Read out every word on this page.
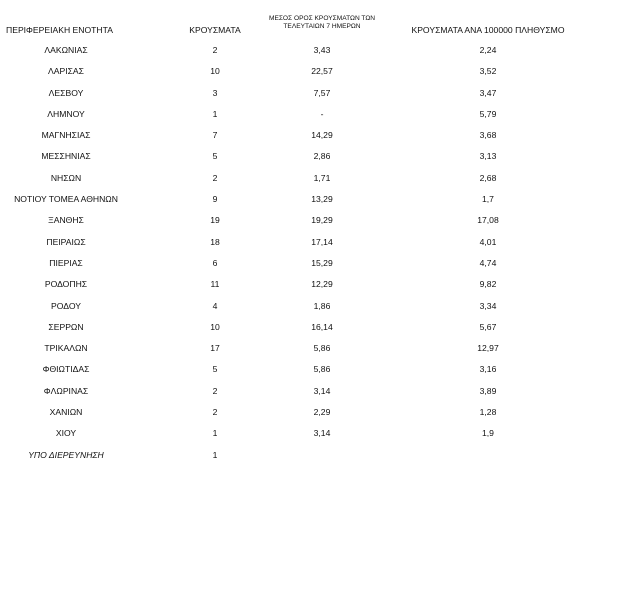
ΠΕΡΙΦΕΡΕΙΑΚΗ ΕΝΟΤΗΤΑ	ΚΡΟΥΣΜΑΤΑ
ΜΕΣΟΣ ΟΡΟΣ ΚΡΟΥΣΜΑΤΩΝ ΤΩΝ
ΤΕΛΕΥΤΑΙΩΝ 7 ΗΜΕΡΩΝ	ΚΡΟΥΣΜΑΤΑ ΑΝΑ 100000 ΠΛΗΘΥΣΜΟ
ΛΑΚΩΝΙΑΣ	2	3,43	2,24
ΛΑΡΙΣΑΣ	10	22,57	3,52
ΛΕΣΒΟΥ	3	7,57	3,47
ΛΗΜΝΟΥ	1	-	5,79
ΜΑΓΝΗΣΙΑΣ	7	14,29	3,68
ΜΕΣΣΗΝΙΑΣ	5	2,86	3,13
ΝΗΣΩΝ	2	1,71	2,68
ΝΟΤΙΟΥ ΤΟΜΕΑ ΑΘΗΝΩΝ	9	13,29	1,7
ΞΑΝΘΗΣ	19	19,29	17,08
ΠΕΙΡΑΙΩΣ	18	17,14	4,01
ΠΙΕΡΙΑΣ	6	15,29	4,74
ΡΟΔΟΠΗΣ	11	12,29	9,82
ΡΟΔΟΥ	4	1,86	3,34
ΣΕΡΡΩΝ	10	16,14	5,67
ΤΡΙΚΑΛΩΝ	17	5,86	12,97
ΦΘΙΩΤΙΔΑΣ	5	5,86	3,16
ΦΛΩΡΙΝΑΣ	2	3,14	3,89
ΧΑΝΙΩΝ	2	2,29	1,28
ΧΙΟΥ	1	3,14	1,9
ΥΠΟ ΔΙΕΡΕΥΝΗΣΗ	1
